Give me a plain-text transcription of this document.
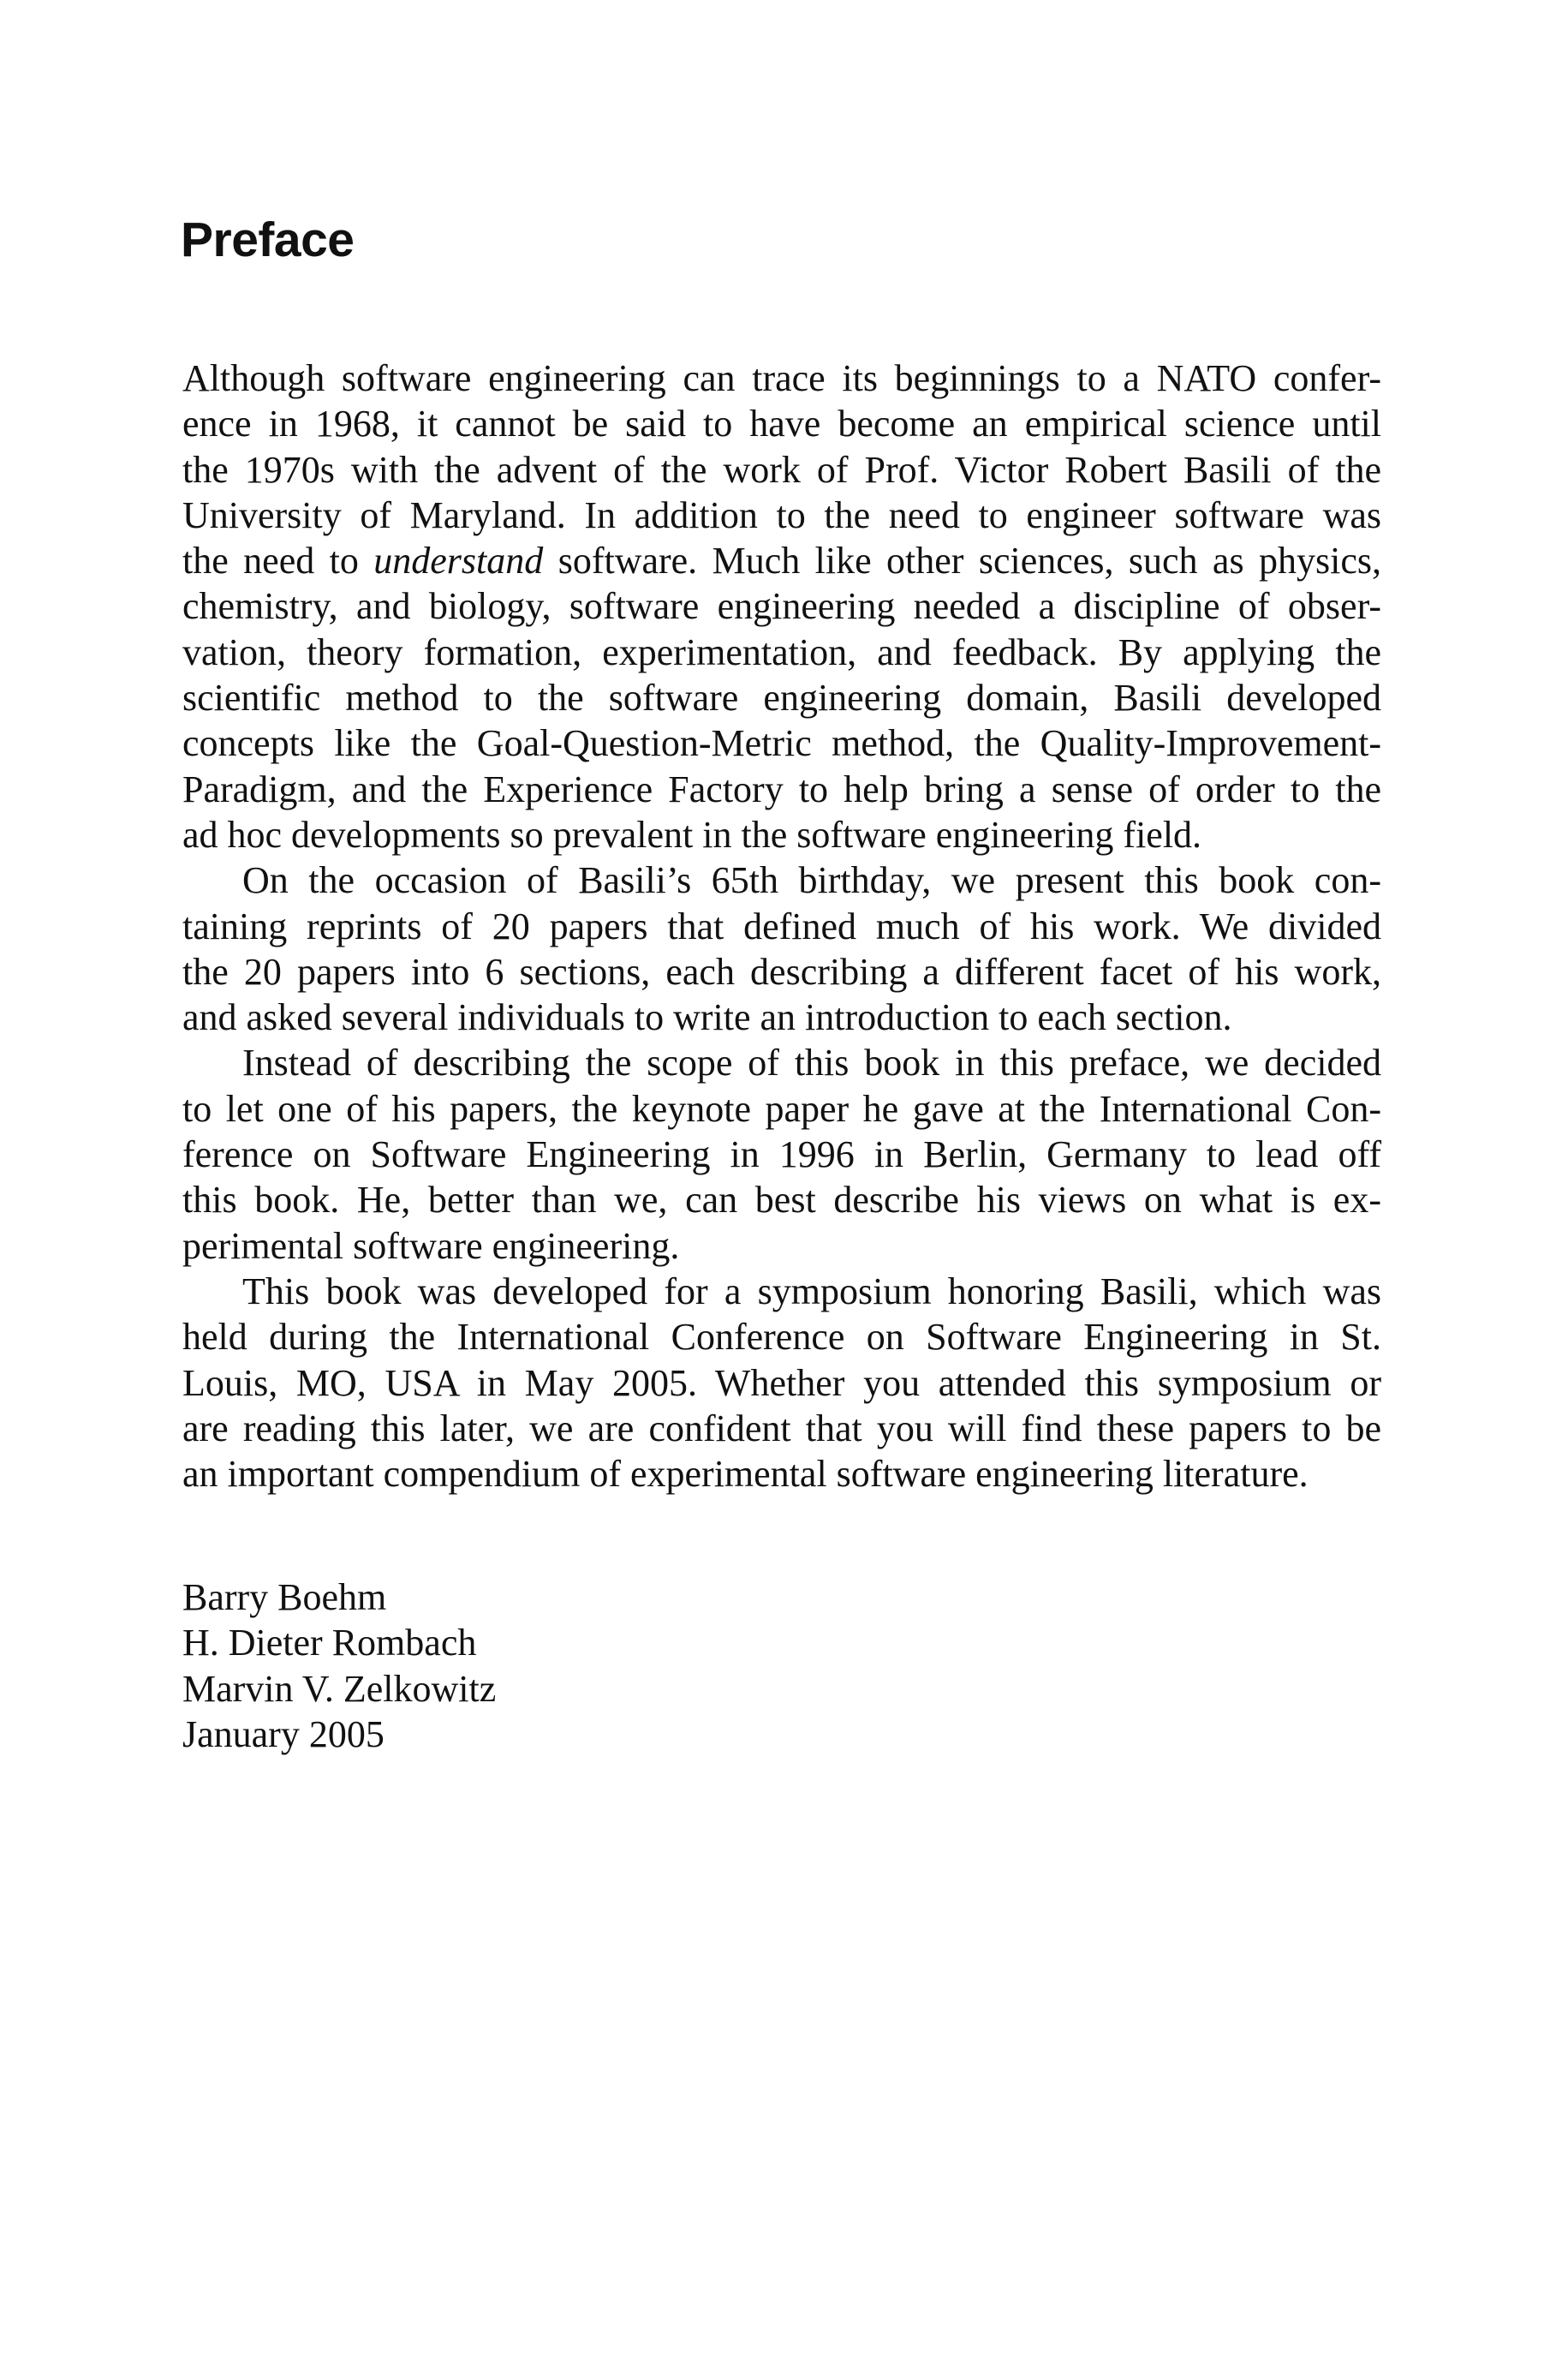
Preface
Although software engineering can trace its beginnings to a NATO confer-
ence in 1968, it cannot be said to have become an empirical science until
the 1970s with the advent of the work of Prof. Victor Robert Basili of the
University of Maryland. In addition to the need to engineer software was
the need to understand software. Much like other sciences, such as physics,
chemistry, and biology, software engineering needed a discipline of obser-
vation, theory formation, experimentation, and feedback. By applying the
scientific method to the software engineering domain, Basili developed
concepts like the Goal-Question-Metric method, the Quality-Improvement-
Paradigm, and the Experience Factory to help bring a sense of order to the
ad hoc developments so prevalent in the software engineering field.
On the occasion of Basili’s 65th birthday, we present this book con-
taining reprints of 20 papers that defined much of his work. We divided
the 20 papers into 6 sections, each describing a different facet of his work,
and asked several individuals to write an introduction to each section.
Instead of describing the scope of this book in this preface, we decided
to let one of his papers, the keynote paper he gave at the International Con-
ference on Software Engineering in 1996 in Berlin, Germany to lead off
this book. He, better than we, can best describe his views on what is ex-
perimental software engineering.
This book was developed for a symposium honoring Basili, which was
held during the International Conference on Software Engineering in St.
Louis, MO, USA in May 2005. Whether you attended this symposium or
are reading this later, we are confident that you will find these papers to be
an important compendium of experimental software engineering literature.
Barry Boehm
H. Dieter Rombach
Marvin V. Zelkowitz
January 2005
